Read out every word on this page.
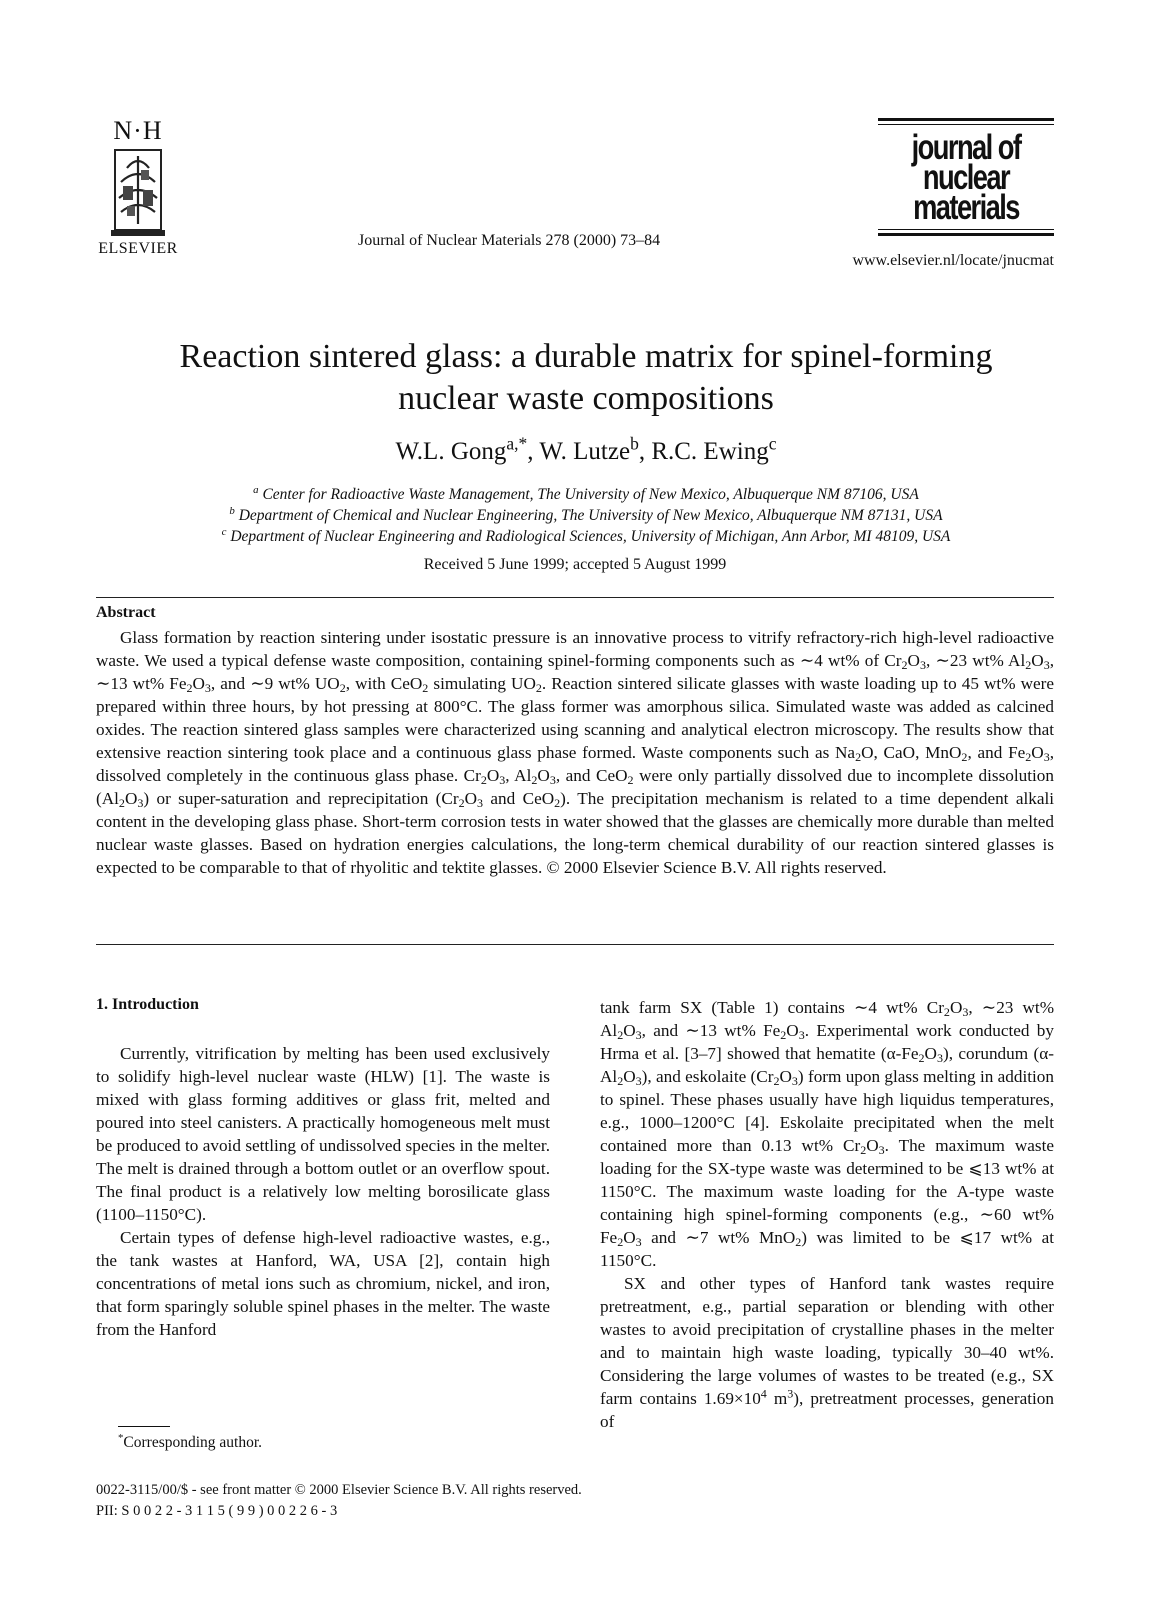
N·H
ELSEVIER	Journal of Nuclear Materials 278 (2000) 73–84
journal of
nuclear
materials
www.elsevier.nl/locate/jnucmat
Reaction sintered glass: a durable matrix for spinel-forming
nuclear waste compositions
W.L. Gong$^{a,*}$, W. Lutze$^b$, R.C. Ewing$^c$
$^a$ Center for Radioactive Waste Management, The University of New Mexico, Albuquerque NM 87106, USA
$^b$ Department of Chemical and Nuclear Engineering, The University of New Mexico, Albuquerque NM 87131, USA
$^c$ Department of Nuclear Engineering and Radiological Sciences, University of Michigan, Ann Arbor, MI 48109, USA
Received 5 June 1999; accepted 5 August 1999
Abstract
Glass formation by reaction sintering under isostatic pressure is an innovative process to vitrify refractory-rich high-level radioactive waste. We used a typical defense waste composition, containing spinel-forming components such as ∼4 wt% of $Cr_2O_3$, ∼23 wt% $Al_2O_3$, ∼13 wt% $Fe_2O_3$, and ∼9 wt% $UO_2$, with CeO$_2$ simulating $UO_2$. Reaction sintered silicate glasses with waste loading up to 45 wt% were prepared within three hours, by hot pressing at 800°C. The glass former was amorphous silica. Simulated waste was added as calcined oxides. The reaction sintered glass samples were characterized using scanning and analytical electron microscopy. The results show that extensive reaction sintering took place and a continuous glass phase formed. Waste components such as $Na_2O$, CaO, MnO$_2$, and $Fe_2O_3$, dissolved completely in the continuous glass phase. $Cr_2O_3$, $Al_2O_3$, and CeO$_2$ were only partially dissolved due to incomplete dissolution $(Al_2O_3)$ or super-saturation and reprecipitation ($Cr_2O_3$ and CeO$_2$). The precipitation mechanism is related to a time dependent alkali content in the developing glass phase. Short-term corrosion tests in water showed that the glasses are chemically more durable than melted nuclear waste glasses. Based on hydration energies calculations, the long-term chemical durability of our reaction sintered glasses is expected to be comparable to that of rhyolitic and tektite glasses. © 2000 Elsevier Science B.V. All rights reserved.
1. Introduction

Currently, vitrification by melting has been used exclusively to solidify high-level nuclear waste (HLW) [1]. The waste is mixed with glass forming additives or glass frit, melted and poured into steel canisters. A practically homogeneous melt must be produced to avoid settling of undissolved species in the melter. The melt is drained through a bottom outlet or an overflow spout. The final product is a relatively low melting borosilicate glass (1100–1150°C).

Certain types of defense high-level radioactive wastes, e.g., the tank wastes at Hanford, WA, USA [2], contain high concentrations of metal ions such as chromium, nickel, and iron, that form sparingly soluble spinel phases in the melter. The waste from the Hanford

tank farm SX (Table 1) contains ∼4 wt% $Cr_2O_3$, ∼23 wt% $Al_2O_3$, and ∼13 wt% $Fe_2O_3$. Experimental work conducted by Hrma et al. [3–7] showed that hematite $(\alpha-Fe_2O_3)$, corundum $(\alpha-Al_2O_3)$, and eskolaite $(Cr_2O_3)$ form upon glass melting in addition to spinel. These phases usually have high liquidus temperatures, e.g., 1000–1200°C [4]. Eskolaite precipitated when the melt contained more than 0.13 wt% $Cr_2O_3$. The maximum waste loading for the SX-type waste was determined to be ⩽13 wt% at 1150°C. The maximum waste loading for the A-type waste containing high spinel-forming components (e.g., ∼60 wt% $Fe_2O_3$ and ∼7 wt% MnO$_2$) was limited to be ⩽17 wt% at 1150°C.

SX and other types of Hanford tank wastes require pretreatment, e.g., partial separation or blending with other wastes to avoid precipitation of crystalline phases in the melter and to maintain high waste loading, typically 30–40 wt%. Considering the large volumes of wastes to be treated (e.g., SX farm contains $1.69\times 10^4$ $m^3$), pretreatment processes, generation of

*Corresponding author.
0022-3115/00/$ - see front matter © 2000 Elsevier Science B.V. All rights reserved.
PII: S 0 0 2 2 - 3 1 1 5 ( 9 9 ) 0 0 2 2 6 - 3
